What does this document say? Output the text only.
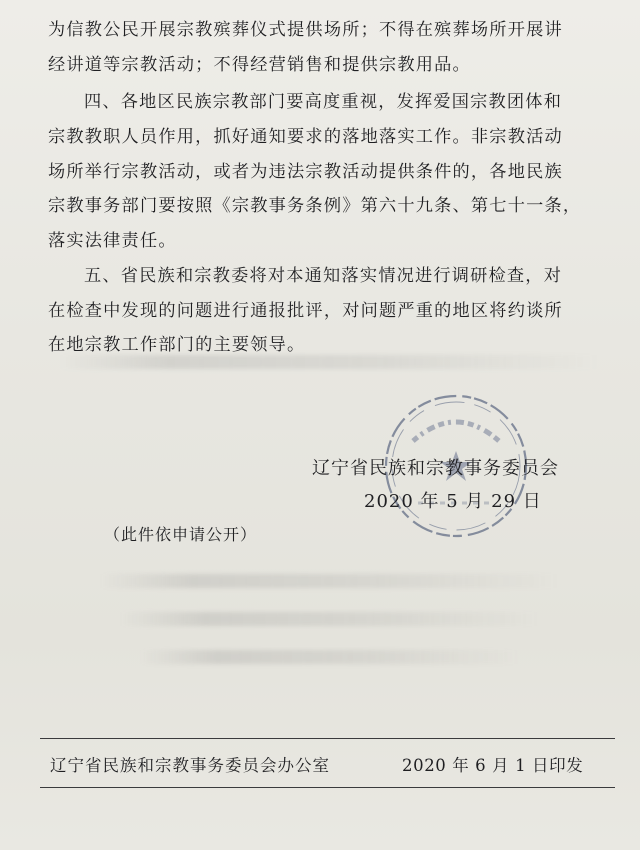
为信教公民开展宗教殡葬仪式提供场所；不得在殡葬场所开展讲
经讲道等宗教活动；不得经营销售和提供宗教用品。
四、各地区民族宗教部门要高度重视，发挥爱国宗教团体和
宗教教职人员作用，抓好通知要求的落地落实工作。非宗教活动
场所举行宗教活动，或者为违法宗教活动提供条件的，各地民族
宗教事务部门要按照《宗教事务条例》第六十九条、第七十一条，
落实法律责任。
五、省民族和宗教委将对本通知落实情况进行调研检查，对
在检查中发现的问题进行通报批评，对问题严重的地区将约谈所
在地宗教工作部门的主要领导。
辽宁省民族和宗教事务委员会
2020 年 5 月 29 日
（此件依申请公开）
辽宁省民族和宗教事务委员会办公室	2020 年 6 月 1 日印发
